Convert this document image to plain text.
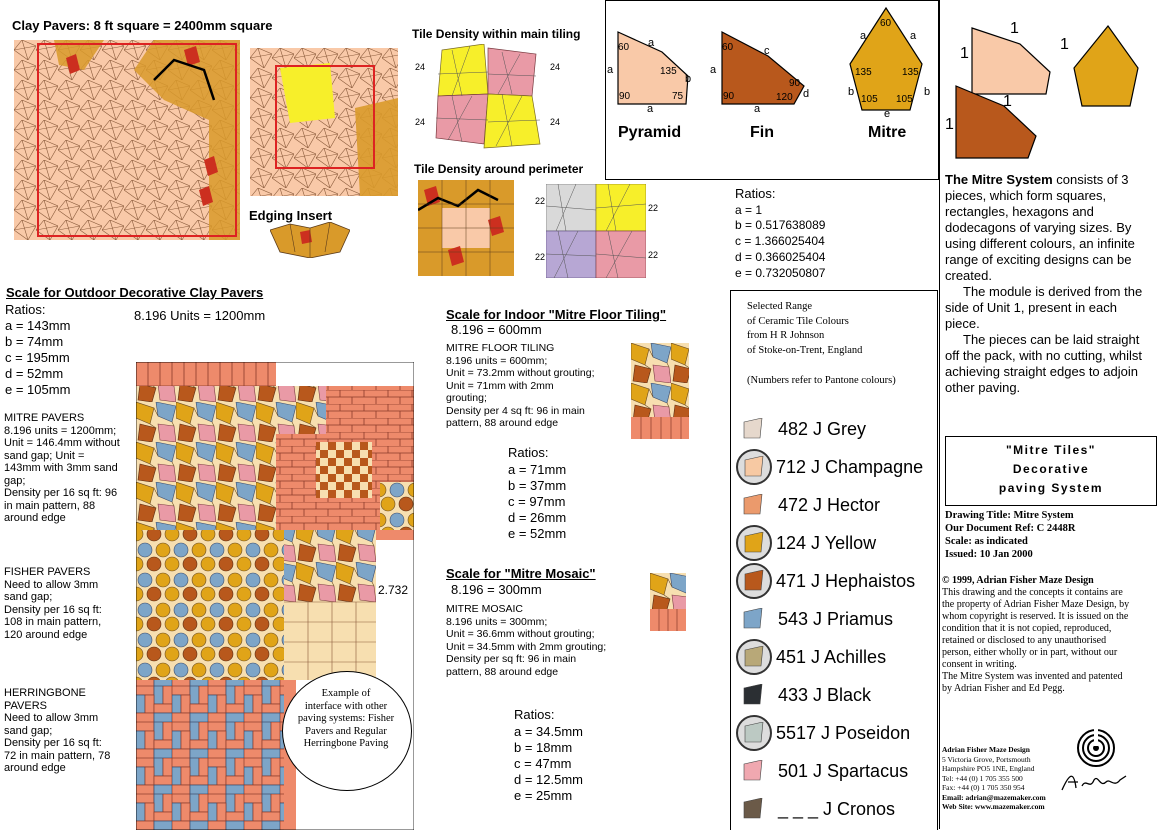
Clay Pavers: 8 ft square = 2400mm square
Edging Insert
Tile Density within main tiling
24	24
24	24
Tile Density around perimeter
22
22
22	22
60 a
a	135
b
90	75
a
Pyramid
60	c
a
90
d
90	120
a
Fin
60
a	a
135	135
b	b
105 105
e
Mitre
Ratios:
a = 1
b = 0.517638089
c = 1.366025404
d = 0.366025404
e = 0.732050807
1
1
1
1
1
The Mitre System consists of 3 pieces, which form squares, rectangles, hexagons and dodecagons of varying sizes. By using different colours, an infinite range of exciting designs can be created.
The module is derived from the side of Unit 1, present in each piece.
The pieces can be laid straight off the pack, with no cutting, whilst achieving straight edges to adjoin other paving.
"Mitre Tiles"
Decorative
paving System
Drawing Title: Mitre System
Our Document Ref: C 2448R
Scale: as indicated
Issued: 10 Jan 2000
© 1999, Adrian Fisher Maze Design
This drawing and the concepts it contains are the property of Adrian Fisher Maze Design, by whom copyright is reserved. It is issued on the condition that it is not copied, reproduced, retained or disclosed to any unauthorised person, either wholly or in part, without our consent in writing.
The Mitre System was invented and patented by Adrian Fisher and Ed Pegg.
Adrian Fisher Maze Design
5 Victoria Grove, Portsmouth
Hampshire PO5 1NE, England
Tel: +44 (0) 1 705 355 500
Fax: +44 (0) 1 705 350 954
Email: adrian@mazemaker.com
Web Site: www.mazemaker.com
Scale for Outdoor Decorative Clay Pavers
Ratios:	8.196 Units = 1200mm
a = 143mm
b = 74mm
c = 195mm
d = 52mm
e = 105mm
MITRE PAVERS
8.196 units = 1200mm;
Unit = 146.4mm without
sand gap; Unit =
143mm with 3mm sand
gap;
Density per 16 sq ft: 96
in main pattern, 88
around edge
FISHER PAVERS
Need to allow 3mm
sand gap;
Density per 16 sq ft:
108 in main pattern,
120 around edge
HERRINGBONE
PAVERS
Need to allow 3mm
sand gap;
Density per 16 sq ft:
72 in main pattern, 78
around edge
2.732
Example of
interface with other
paving systems: Fisher
Pavers and Regular
Herringbone Paving
Scale for Indoor "Mitre Floor Tiling"
8.196 = 600mm
MITRE FLOOR TILING
8.196 units = 600mm;
Unit = 73.2mm without grouting;
Unit = 71mm with 2mm
grouting;
Density per 4 sq ft: 96 in main
pattern, 88 around edge
Ratios:
a = 71mm
b = 37mm
c = 97mm
d = 26mm
e = 52mm
Scale for "Mitre Mosaic"
8.196 = 300mm
MITRE MOSAIC
8.196 units = 300mm;
Unit = 36.6mm without grouting;
Unit = 34.5mm with 2mm grouting;
Density per sq ft: 96 in main
pattern, 88 around edge
Ratios:
a = 34.5mm
b = 18mm
c = 47mm
d = 12.5mm
e = 25mm
Selected Range
of Ceramic Tile Colours
from H R Johnson
of Stoke-on-Trent, England
(Numbers refer to Pantone colours)
482 J Grey
712 J Champagne
472 J Hector
124 J Yellow
471 J Hephaistos
543 J Priamus
451 J Achilles
433 J Black
5517 J Poseidon
501 J Spartacus
_ _ _ J Cronos
